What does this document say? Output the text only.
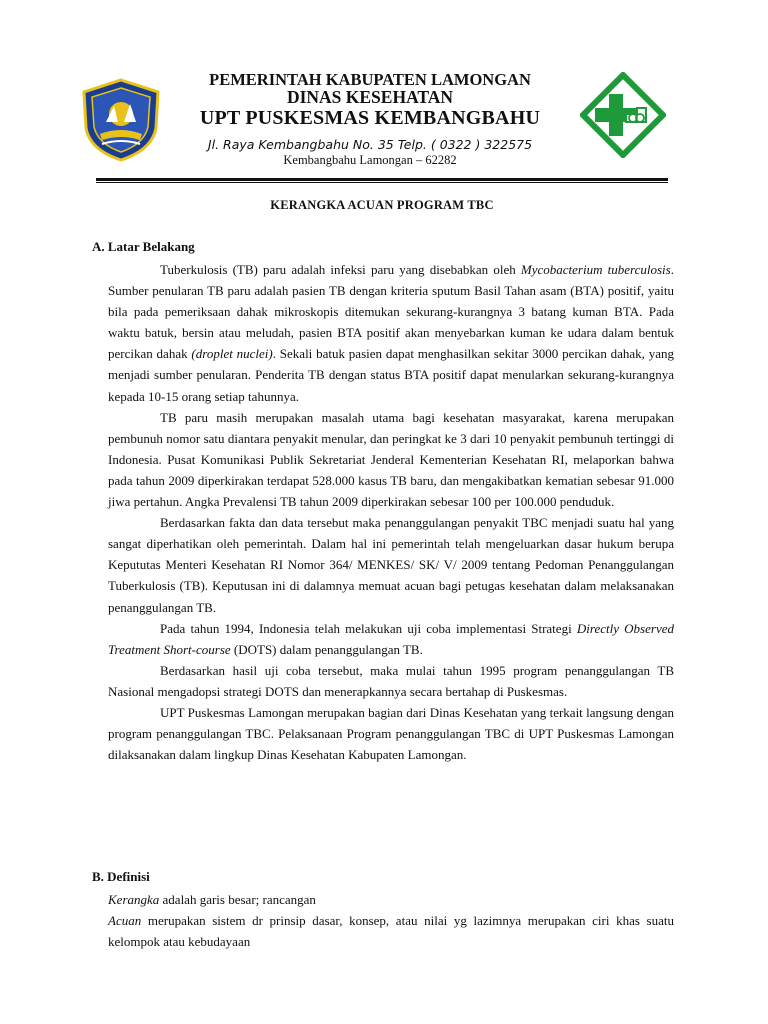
PEMERINTAH KABUPATEN LAMONGAN
DINAS KESEHATAN
UPT PUSKESMAS KEMBANGBAHU
Jl. Raya Kembangbahu No. 35 Telp. ( 0322 ) 322575
Kembangbahu Lamongan – 62282
KERANGKA ACUAN PROGRAM TBC
A. Latar Belakang

Tuberkulosis (TB) paru adalah infeksi paru yang disebabkan oleh Mycobacterium tuberculosis. Sumber penularan TB paru adalah pasien TB dengan kriteria sputum Basil Tahan asam (BTA) positif, yaitu bila pada pemeriksaan dahak mikroskopis ditemukan sekurang-kurangnya 3 batang kuman BTA. Pada waktu batuk, bersin atau meludah, pasien BTA positif akan menyebarkan kuman ke udara dalam bentuk percikan dahak (droplet nuclei). Sekali batuk pasien dapat menghasilkan sekitar 3000 percikan dahak, yang menjadi sumber penularan. Penderita TB dengan status BTA positif dapat menularkan sekurang-kurangnya kepada 10-15 orang setiap tahunnya.

TB paru masih merupakan masalah utama bagi kesehatan masyarakat, karena merupakan pembunuh nomor satu diantara penyakit menular, dan peringkat ke 3 dari 10 penyakit pembunuh tertinggi di Indonesia. Pusat Komunikasi Publik Sekretariat Jenderal Kementerian Kesehatan RI, melaporkan bahwa pada tahun 2009 diperkirakan terdapat 528.000 kasus TB baru, dan mengakibatkan kematian sebesar 91.000 jiwa pertahun. Angka Prevalensi TB tahun 2009 diperkirakan sebesar 100 per 100.000 penduduk.

Berdasarkan fakta dan data tersebut maka penanggulangan penyakit TBC menjadi suatu hal yang sangat diperhatikan oleh pemerintah. Dalam hal ini pemerintah telah mengeluarkan dasar hukum berupa Kepututas Menteri Kesehatan RI Nomor 364/ MENKES/ SK/ V/ 2009 tentang Pedoman Penanggulangan Tuberkulosis (TB). Keputusan ini di dalamnya memuat acuan bagi petugas kesehatan dalam melaksanakan penanggulangan TB.

Pada tahun 1994, Indonesia telah melakukan uji coba implementasi Strategi Directly Observed Treatment Short-course (DOTS) dalam penanggulangan TB.

Berdasarkan hasil uji coba tersebut, maka mulai tahun 1995 program penanggulangan TB Nasional mengadopsi strategi DOTS dan menerapkannya secara bertahap di Puskesmas.

UPT Puskesmas Lamongan merupakan bagian dari Dinas Kesehatan yang terkait langsung dengan program penanggulangan TBC. Pelaksanaan Program penanggulangan TBC di UPT Puskesmas Lamongan dilaksanakan dalam lingkup Dinas Kesehatan Kabupaten Lamongan.

B. Definisi

Kerangka adalah garis besar; rancangan

Acuan merupakan sistem dr prinsip dasar, konsep, atau nilai yg lazimnya merupakan ciri khas suatu kelompok atau kebudayaan
